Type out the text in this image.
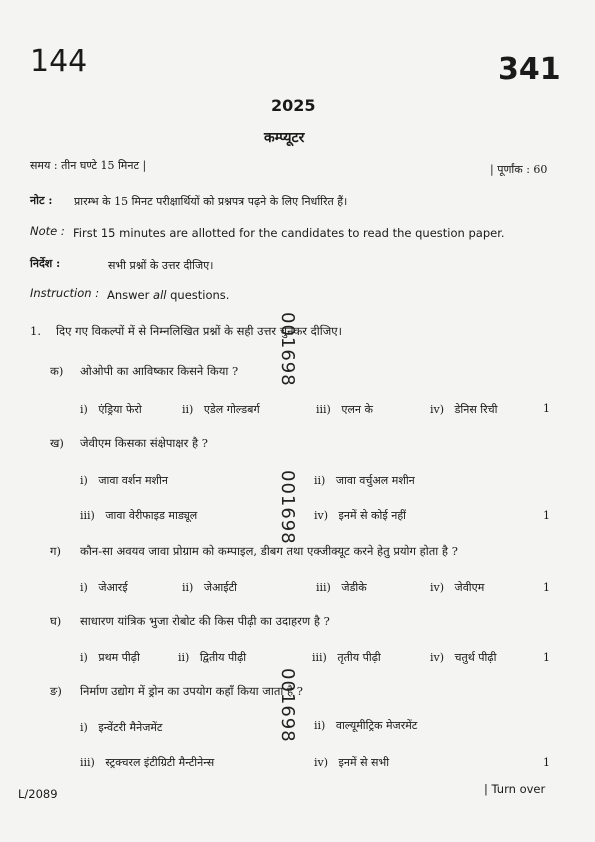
144	341
2025
कम्प्यूटर
समय : तीन घण्टे 15 मिनट |	| पूर्णांक : 60
नोट : प्रारम्भ के 15 मिनट परीक्षार्थियों को प्रश्नपत्र पढ़ने के लिए निर्धारित हैं।
Note : First 15 minutes are allotted for the candidates to read the question paper.
निर्देश :	सभी प्रश्नों के उत्तर दीजिए।
Instruction : Answer all questions.
1. दिए गए विकल्पों में से निम्नलिखित प्रश्नों के सही उत्तर चुनकर दीजिए।
क) ओओपी का आविष्कार किसने किया ?
i) एंड्रिया फेरो	ii) एडेल गोल्डबर्ग	iii) एलन के	iv) डेनिस रिची	1
ख) जेवीएम किसका संक्षेपाक्षर है ?
i) जावा वर्शन मशीन	ii) जावा वर्चुअल मशीन
iii) जावा वेरीफाइड माड्यूल	iv) इनमें से कोई नहीं	1
ग) कौन-सा अवयव जावा प्रोग्राम को कम्पाइल, डीबग तथा एक्जीक्यूट करने हेतु प्रयोग होता है ?
i) जेआरई	ii) जेआईटी	iii) जेडीके	iv) जेवीएम	1
घ) साधारण यांत्रिक भुजा रोबोट की किस पीढ़ी का उदाहरण है ?
i) प्रथम पीढ़ी	ii) द्वितीय पीढ़ी	iii) तृतीय पीढ़ी	iv) चतुर्थ पीढ़ी	1
ङ) निर्माण उद्योग में ड्रोन का उपयोग कहाँ किया जाता है ?
i) इन्वेंटरी मैनेजमेंट	ii) वाल्यूमीट्रिक मेजरमेंट
iii) स्ट्रक्चरल इंटीग्रिटी मैन्टीनेन्स	iv) इनमें से सभी	1
001698
001698
001698
L/2089	| Turn over
